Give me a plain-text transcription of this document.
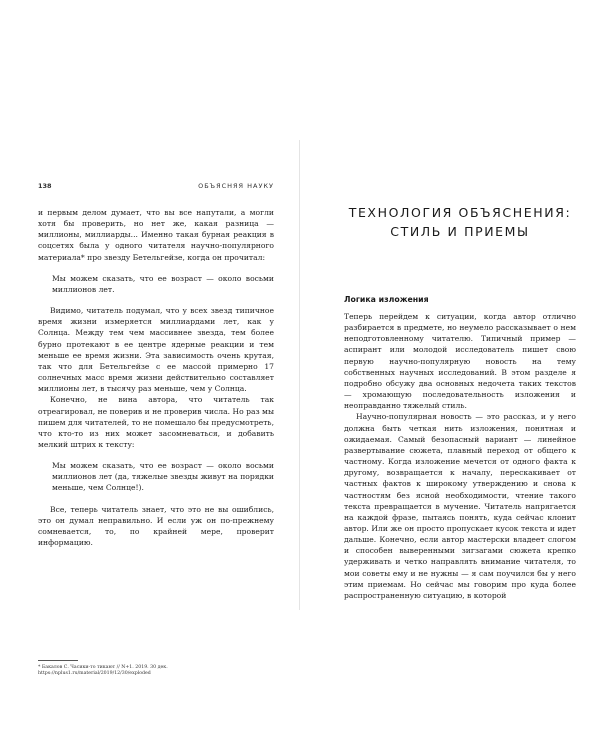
138	ОБЪЯСНЯЯ НАУКУ

и первым делом думает, что вы все напутали, а могли хотя бы проверить, но нет же, какая разница — миллионы, миллиарды... Именно такая бурная реакция в соцсетях была у одного читателя научно-популярного материала* про звезду Бетельгейзе, когда он прочитал:

Мы можем сказать, что ее возраст — около восьми миллионов лет.

Видимо, читатель подумал, что у всех звезд типичное время жизни измеряется миллиардами лет, как у Солнца. Между тем чем массивнее звезда, тем более бурно протекают в ее центре ядерные реакции и тем меньше ее время жизни. Эта зависимость очень крутая, так что для Бетельгейзе с ее массой примерно 17 солнечных масс время жизни действительно составляет миллионы лет, в тысячу раз меньше, чем у Солнца.

Конечно, не вина автора, что читатель так отреагировал, не поверив и не проверив числа. Но раз мы пишем для читателей, то не помешало бы предусмотреть, что кто-то из них может засомневаться, и добавить мелкий штрих к тексту:

Мы можем сказать, что ее возраст — около восьми миллионов лет (да, тяжелые звезды живут на порядки меньше, чем Солнце!).

Все, теперь читатель знает, что это не вы ошиблись, это он думал неправильно. И если уж он по-прежнему сомневается, то, по крайней мере, проверит информацию.

* Бакалов С. Часики-то тикают // N+1. 2019. 30 дек. https://nplus1.ru/material/2019/12/30/exploded
ТЕХНОЛОГИЯ ОБЪЯСНЕНИЯ:
СТИЛЬ И ПРИЕМЫ
Логика изложения

Теперь перейдем к ситуации, когда автор отлично разбирается в предмете, но неумело рассказывает о нем неподготовленному читателю. Типичный пример — аспирант или молодой исследователь пишет свою первую научно-популярную новость на тему собственных научных исследований. В этом разделе я подробно обсужу два основных недочета таких текстов — хромающую последовательность изложения и неоправданно тяжелый стиль.

Научно-популярная новость — это рассказ, и у него должна быть четкая нить изложения, понятная и ожидаемая. Самый безопасный вариант — линейное развертывание сюжета, плавный переход от общего к частному. Когда изложение мечется от одного факта к другому, возвращается к началу, перескакивает от частных фактов к широкому утверждению и снова к частностям без ясной необходимости, чтение такого текста превращается в мучение. Читатель напрягается на каждой фразе, пытаясь понять, куда сейчас клонит автор. Или же он просто пропускает кусок текста и идет дальше. Конечно, если автор мастерски владеет слогом и способен выверенными зигзагами сюжета крепко удерживать и четко направлять внимание читателя, то мои советы ему и не нужны — я сам поучился бы у него этим приемам. Но сейчас мы говорим про куда более распространенную ситуацию, в которой
